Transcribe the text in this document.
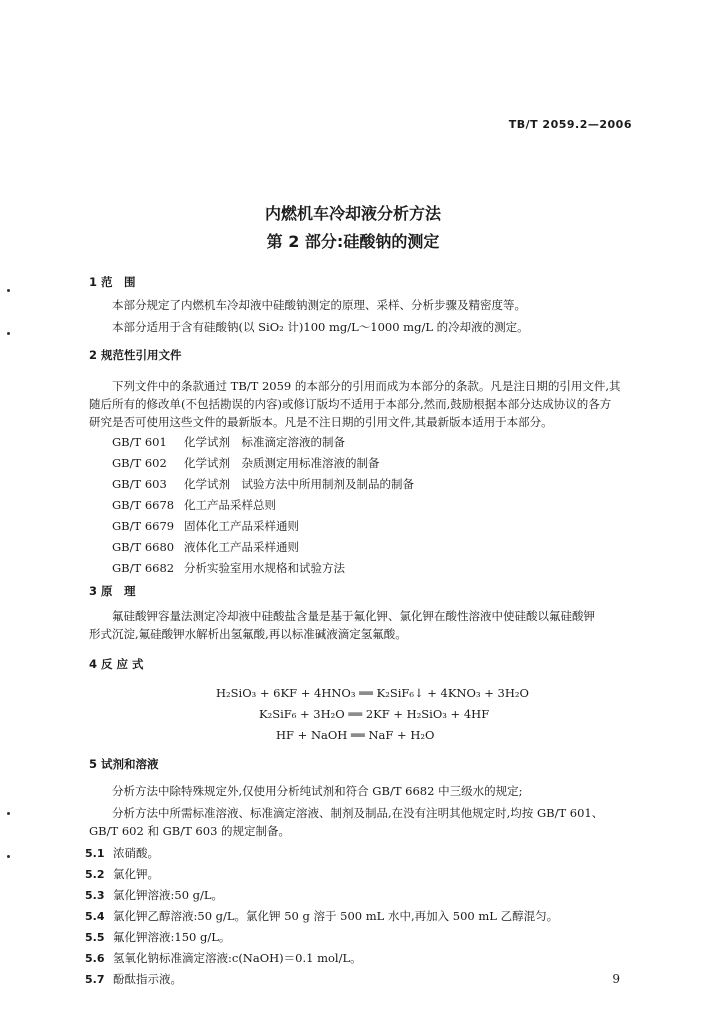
TB/T 2059.2—2006
内燃机车冷却液分析方法
第 2 部分:硅酸钠的测定
1 范　围
本部分规定了内燃机车冷却液中硅酸钠测定的原理、采样、分析步骤及精密度等。
本部分适用于含有硅酸钠(以 SiO₂ 计)100 mg/L～1000 mg/L 的冷却液的测定。
2 规范性引用文件
下列文件中的条款通过 TB/T 2059 的本部分的引用而成为本部分的条款。凡是注日期的引用文件,其
随后所有的修改单(不包括勘误的内容)或修订版均不适用于本部分,然而,鼓励根据本部分达成协议的各方
研究是否可使用这些文件的最新版本。凡是不注日期的引用文件,其最新版本适用于本部分。
GB/T 601 化学试剂　标准滴定溶液的制备
GB/T 602 化学试剂　杂质测定用标准溶液的制备
GB/T 603 化学试剂　试验方法中所用制剂及制品的制备
GB/T 6678 化工产品采样总则
GB/T 6679 固体化工产品采样通则
GB/T 6680 液体化工产品采样通则
GB/T 6682 分析实验室用水规格和试验方法
3 原　理
氟硅酸钾容量法测定冷却液中硅酸盐含量是基于氟化钾、氯化钾在酸性溶液中使硅酸以氟硅酸钾
形式沉淀,氟硅酸钾水解析出氢氟酸,再以标准碱液滴定氢氟酸。
4 反 应 式
H₂SiO₃ + 6KF + 4HNO₃ ══ K₂SiF₆↓ + 4KNO₃ + 3H₂O
K₂SiF₆ + 3H₂O ══ 2KF + H₂SiO₃ + 4HF
HF + NaOH ══ NaF + H₂O
5 试剂和溶液
分析方法中除特殊规定外,仅使用分析纯试剂和符合 GB/T 6682 中三级水的规定;
分析方法中所需标准溶液、标准滴定溶液、制剂及制品,在没有注明其他规定时,均按 GB/T 601、
GB/T 602 和 GB/T 603 的规定制备。
5.1 浓硝酸。
5.2 氯化钾。
5.3 氯化钾溶液:50 g/L。
5.4 氯化钾乙醇溶液:50 g/L。氯化钾 50 g 溶于 500 mL 水中,再加入 500 mL 乙醇混匀。
5.5 氟化钾溶液:150 g/L。
5.6 氢氧化钠标准滴定溶液:c(NaOH)＝0.1 mol/L。
5.7 酚酞指示液。	9
